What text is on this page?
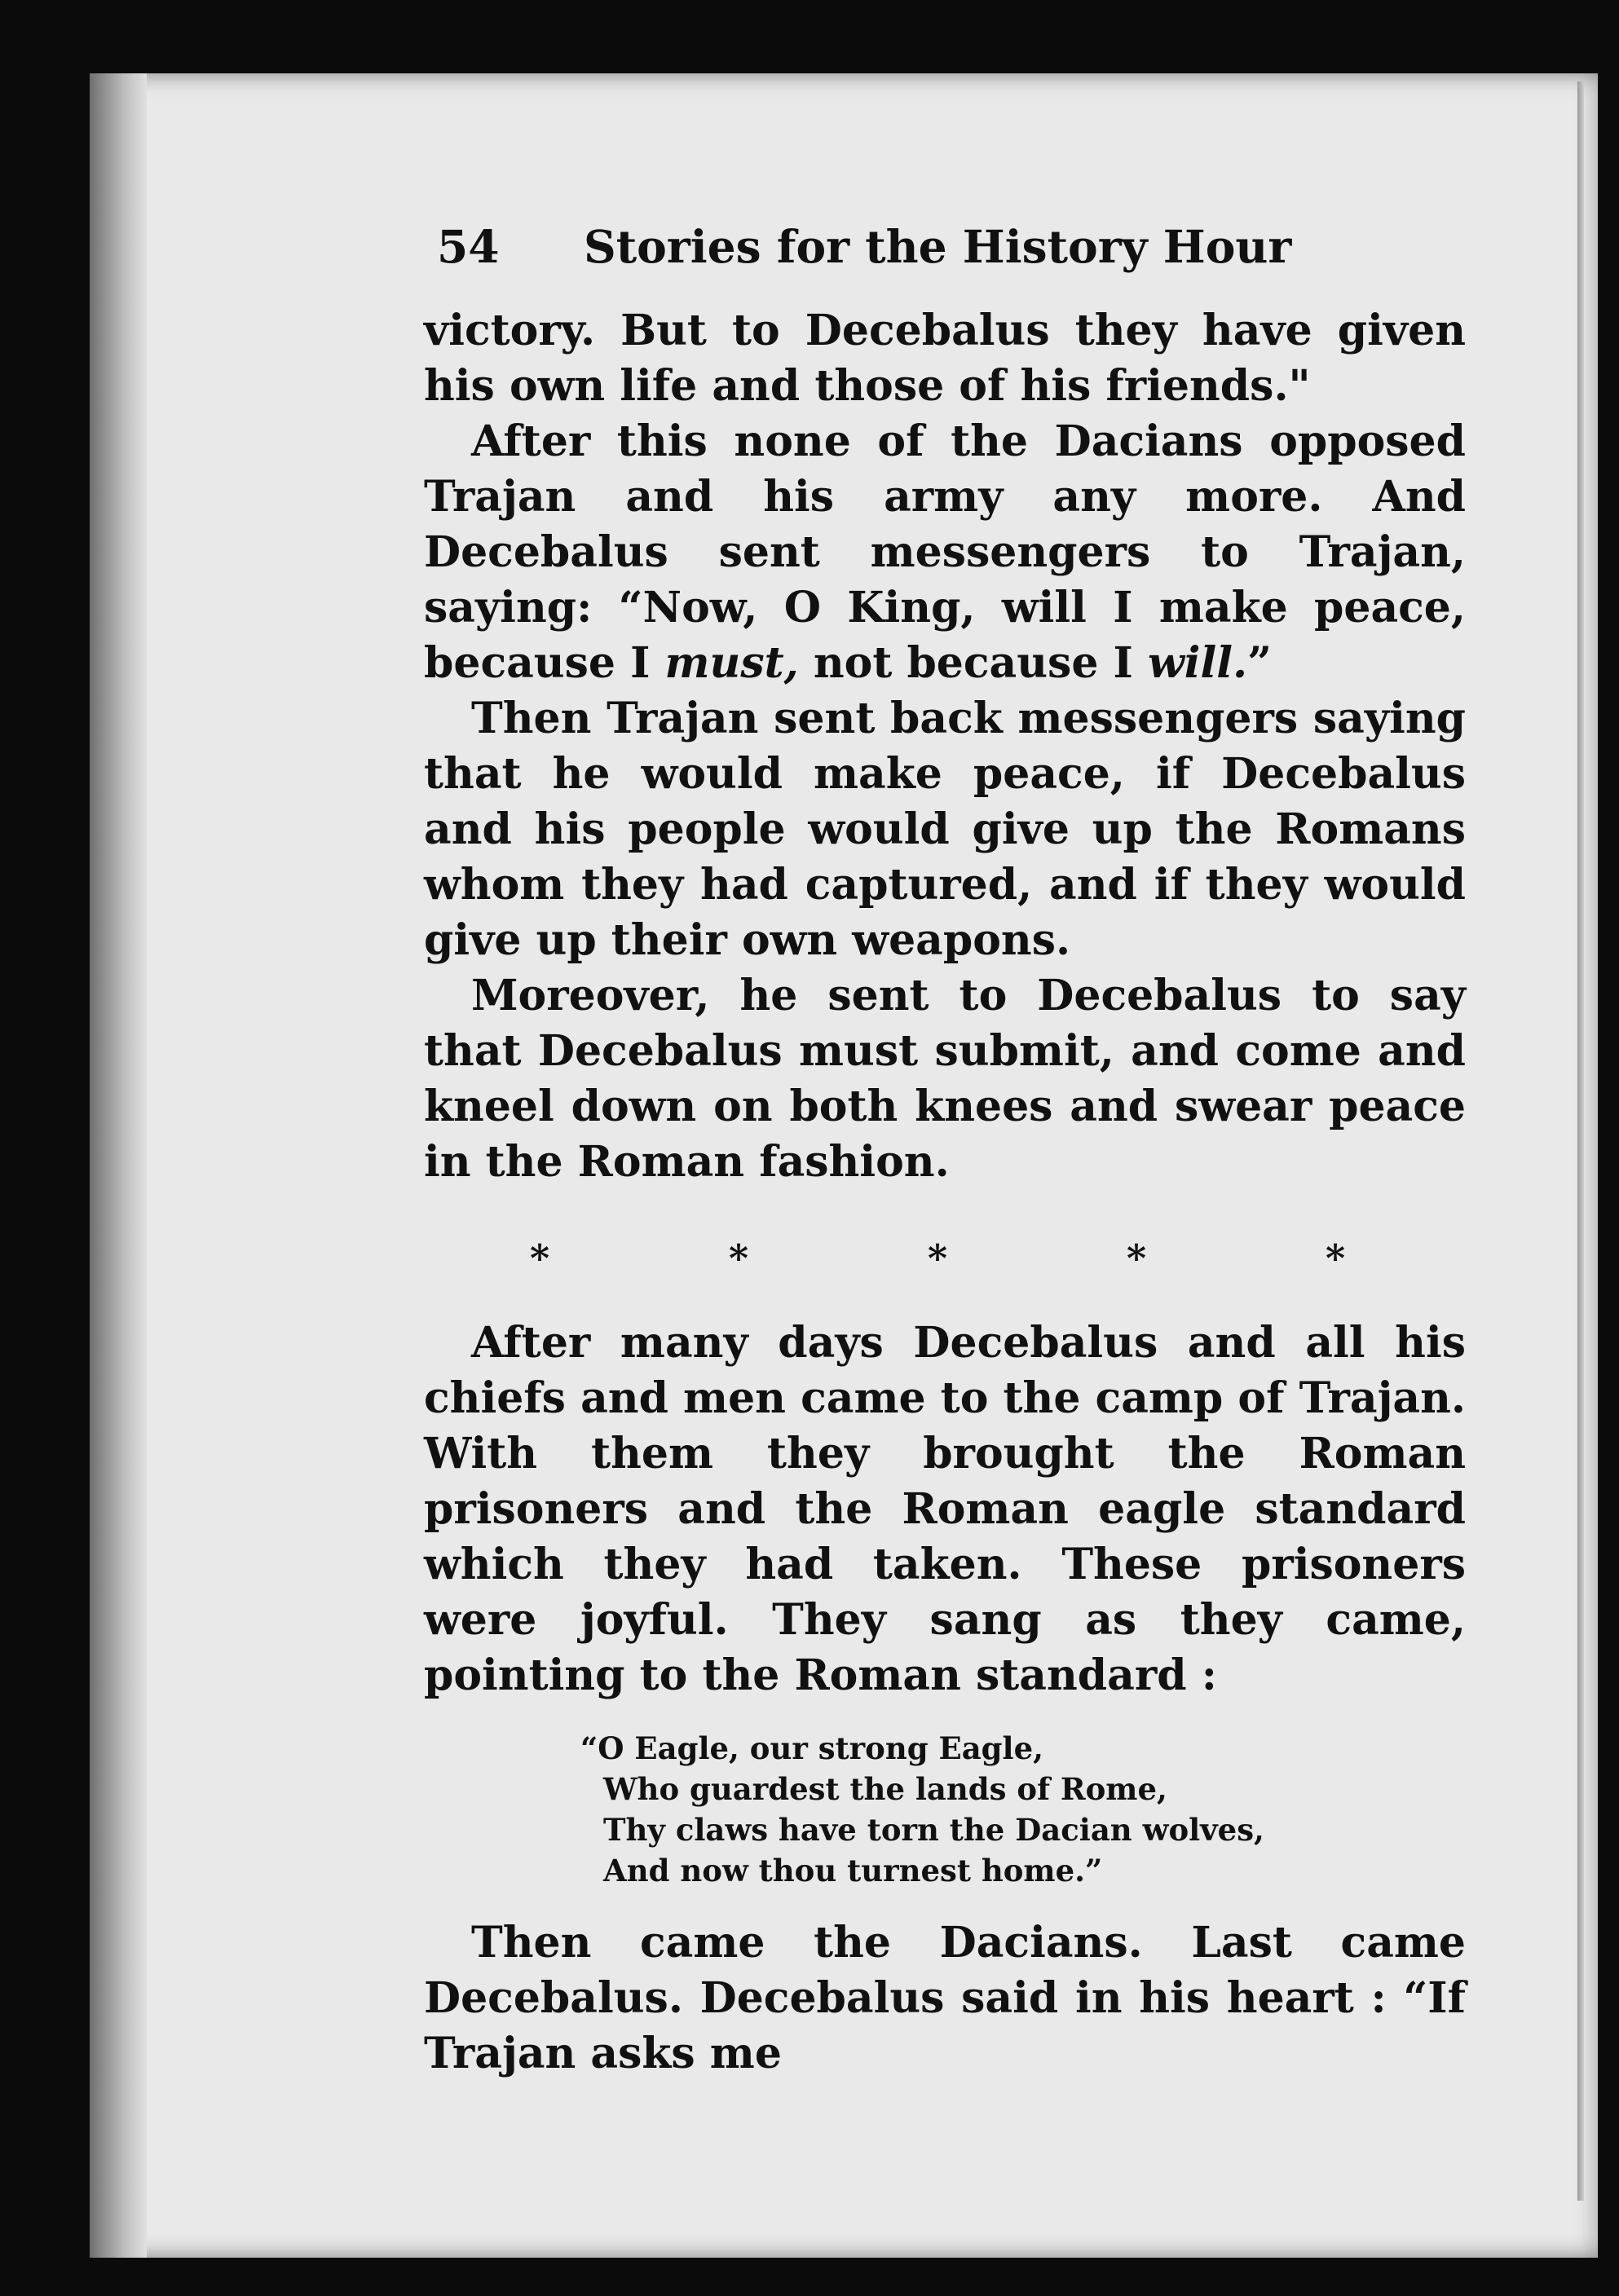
54 Stories for the History Hour

victory. But to Decebalus they have given his own life and those of his friends."

After this none of the Dacians opposed Trajan and his army any more. And Decebalus sent messengers to Trajan, saying: “Now, O King, will I make peace, because I must, not because I will.”

Then Trajan sent back messengers saying that he would make peace, if Decebalus and his people would give up the Romans whom they had captured, and if they would give up their own weapons.

Moreover, he sent to Decebalus to say that Decebalus must submit, and come and kneel down on both knees and swear peace in the Roman fashion.

*	*	*	*	*

After many days Decebalus and all his chiefs and men came to the camp of Trajan. With them they brought the Roman prisoners and the Roman eagle standard which they had taken. These prisoners were joyful. They sang as they came, pointing to the Roman standard :

“O Eagle, our strong Eagle,
Who guardest the lands of Rome,
Thy claws have torn the Dacian wolves,
And now thou turnest home.”

Then came the Dacians. Last came Decebalus. Decebalus said in his heart : “If Trajan asks me
